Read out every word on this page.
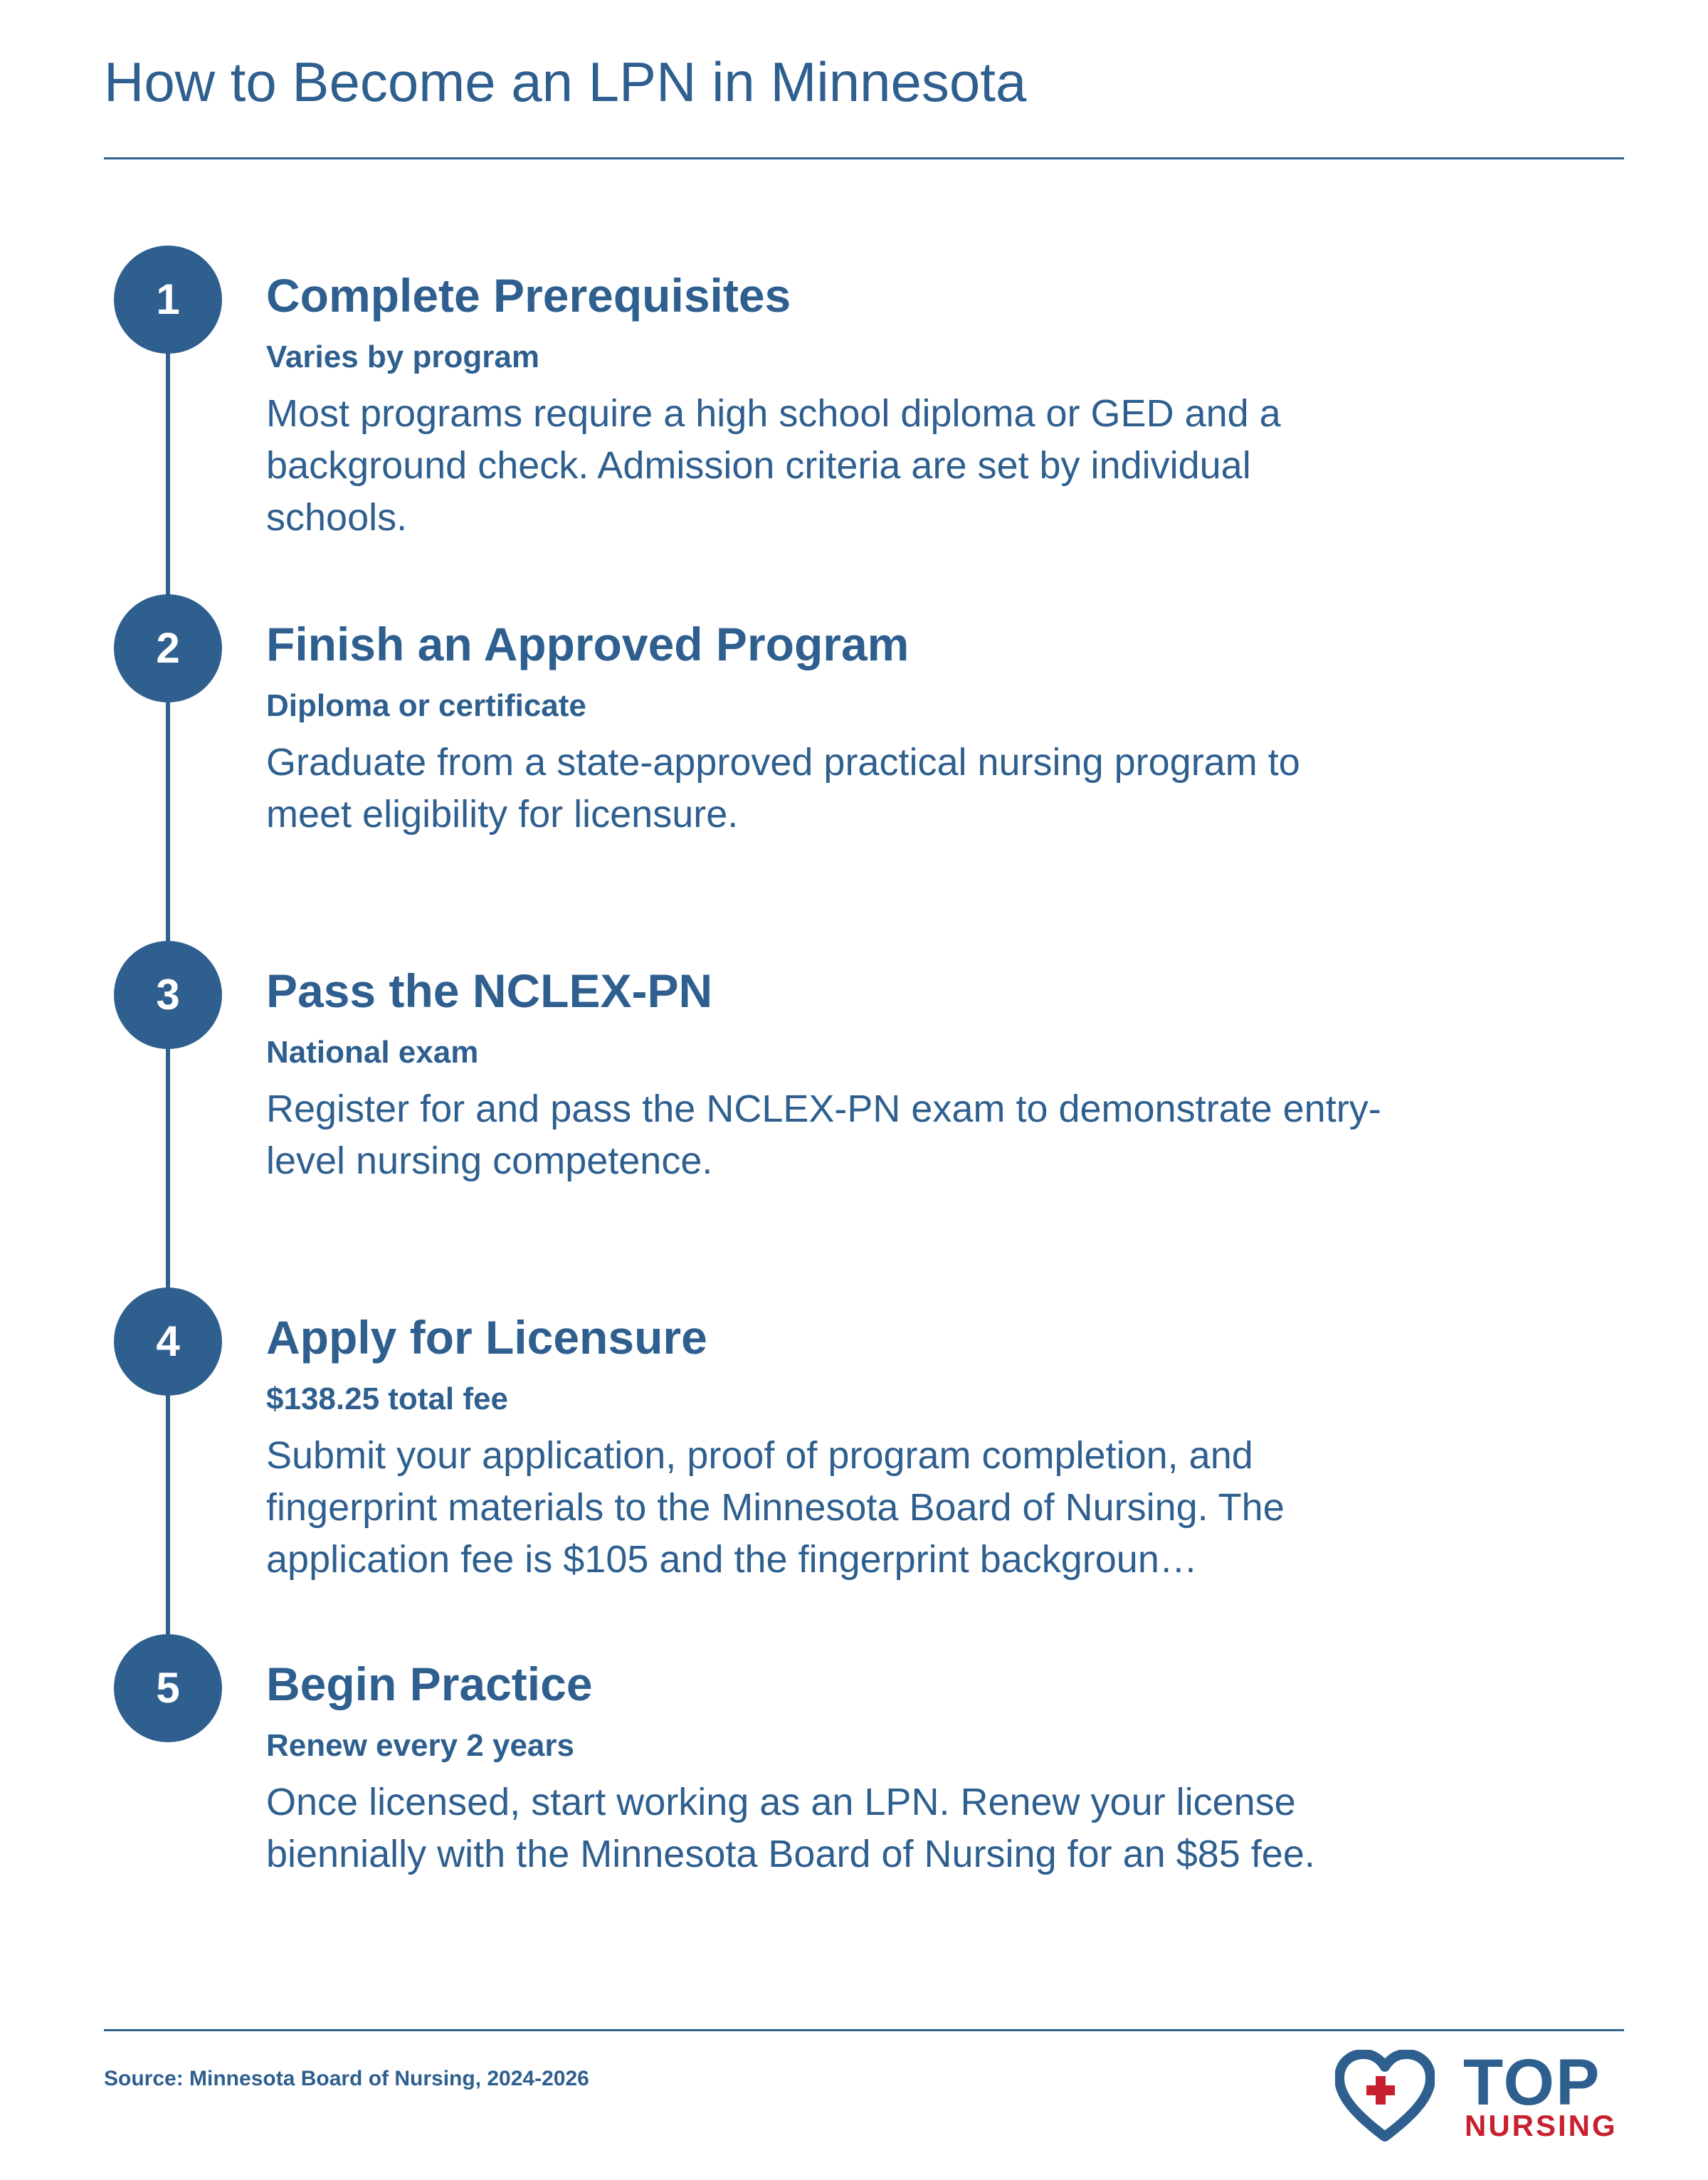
How to Become an LPN in Minnesota
1	Complete Prerequisites
Varies by program
Most programs require a high school diploma or GED and a background check. Admission criteria are set by individual schools.
2	Finish an Approved Program
Diploma or certificate
Graduate from a state-approved practical nursing program to meet eligibility for licensure.
3	Pass the NCLEX-PN
National exam
Register for and pass the NCLEX-PN exam to demonstrate entry-level nursing competence.
4	Apply for Licensure
$138.25 total fee
Submit your application, proof of program completion, and fingerprint materials to the Minnesota Board of Nursing. The application fee is $105 and the fingerprint backgroun…
5	Begin Practice
Renew every 2 years
Once licensed, start working as an LPN. Renew your license biennially with the Minnesota Board of Nursing for an $85 fee.
Source: Minnesota Board of Nursing, 2024-2026	TOP
NURSING
